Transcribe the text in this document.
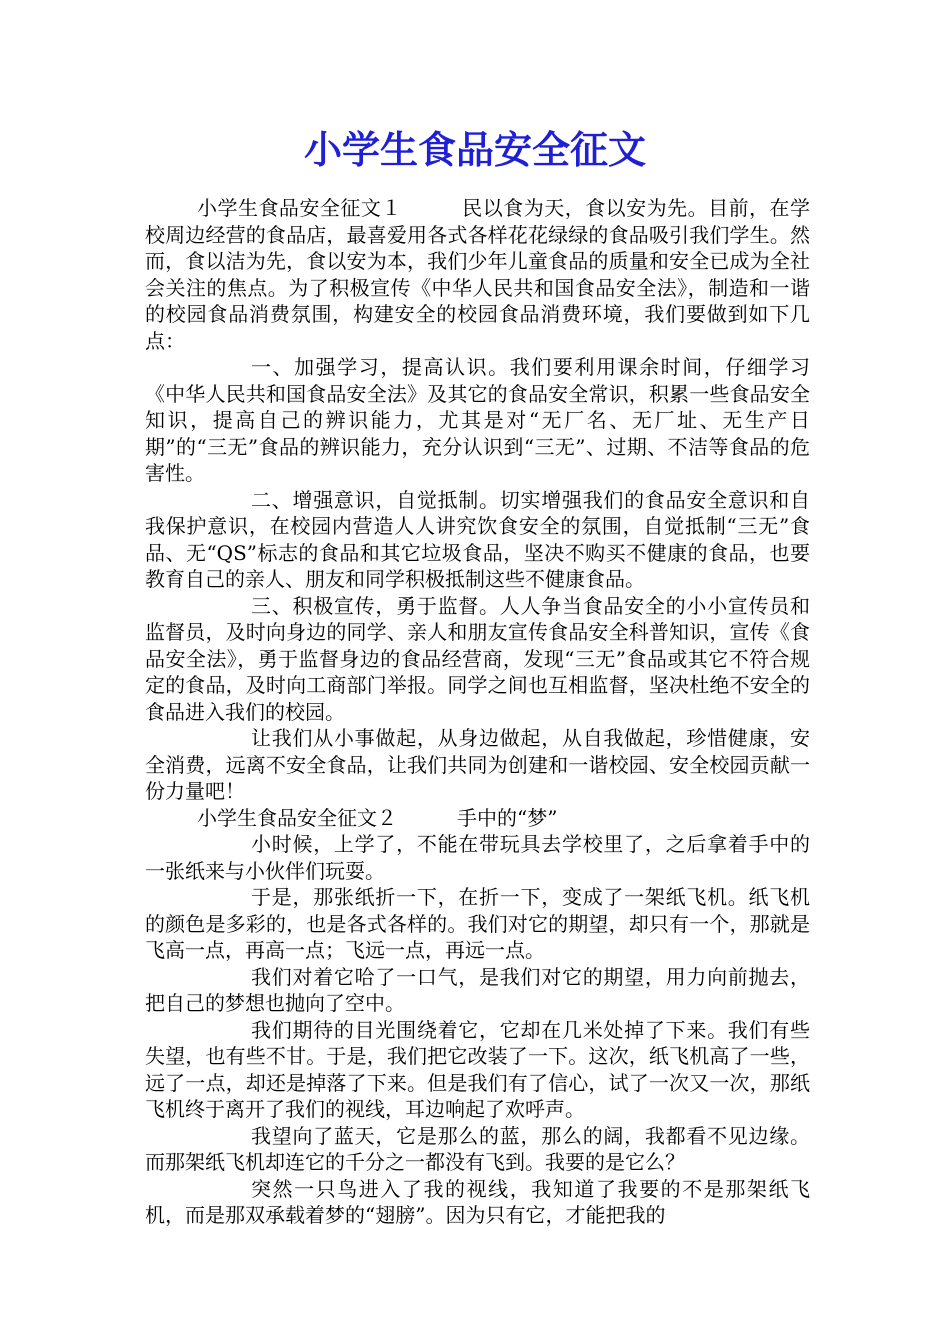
小学生食品安全征文

小学生食品安全征文１	民以食为天，食以安为先。目前，在学校周边经营的食品店，最喜爱用各式各样花花绿绿的食品吸引我们学生。然而，食以洁为先，食以安为本，我们少年儿童食品的质量和安全已成为全社会关注的焦点。为了积极宣传《中华人民共和国食品安全法》，制造和一谐的校园食品消费氛围，构建安全的校园食品消费环境，我们要做到如下几点：

一、加强学习，提高认识。我们要利用课余时间，仔细学习《中华人民共和国食品安全法》及其它的食品安全常识，积累一些食品安全知识，提高自己的辨识能力，尤其是对“无厂名、无厂址、无生产日期”的“三无”食品的辨识能力，充分认识到“三无”、过期、不洁等食品的危害性。

二、增强意识，自觉抵制。切实增强我们的食品安全意识和自我保护意识，在校园内营造人人讲究饮食安全的氛围，自觉抵制“三无”食品、无“QS”标志的食品和其它垃圾食品，坚决不购买不健康的食品，也要教育自己的亲人、朋友和同学积极抵制这些不健康食品。

三、积极宣传，勇于监督。人人争当食品安全的小小宣传员和监督员，及时向身边的同学、亲人和朋友宣传食品安全科普知识，宣传《食品安全法》，勇于监督身边的食品经营商，发现“三无”食品或其它不符合规定的食品，及时向工商部门举报。同学之间也互相监督，坚决杜绝不安全的食品进入我们的校园。

让我们从小事做起，从身边做起，从自我做起，珍惜健康，安全消费，远离不安全食品，让我们共同为创建和一谐校园、安全校园贡献一份力量吧！

小学生食品安全征文２	手中的“梦”

小时候，上学了，不能在带玩具去学校里了，之后拿着手中的一张纸来与小伙伴们玩耍。

于是，那张纸折一下，在折一下，变成了一架纸飞机。纸飞机的颜色是多彩的，也是各式各样的。我们对它的期望，却只有一个，那就是飞高一点，再高一点；飞远一点，再远一点。

我们对着它哈了一口气，是我们对它的期望，用力向前抛去，把自己的梦想也抛向了空中。

我们期待的目光围绕着它，它却在几米处掉了下来。我们有些失望，也有些不甘。于是，我们把它改装了一下。这次，纸飞机高了一些，远了一点，却还是掉落了下来。但是我们有了信心，试了一次又一次，那纸飞机终于离开了我们的视线，耳边响起了欢呼声。

我望向了蓝天，它是那么的蓝，那么的阔，我都看不见边缘。而那架纸飞机却连它的千分之一都没有飞到。我要的是它么？

突然一只鸟进入了我的视线，我知道了我要的不是那架纸飞机，而是那双承载着梦的“翅膀”。因为只有它，才能把我的
